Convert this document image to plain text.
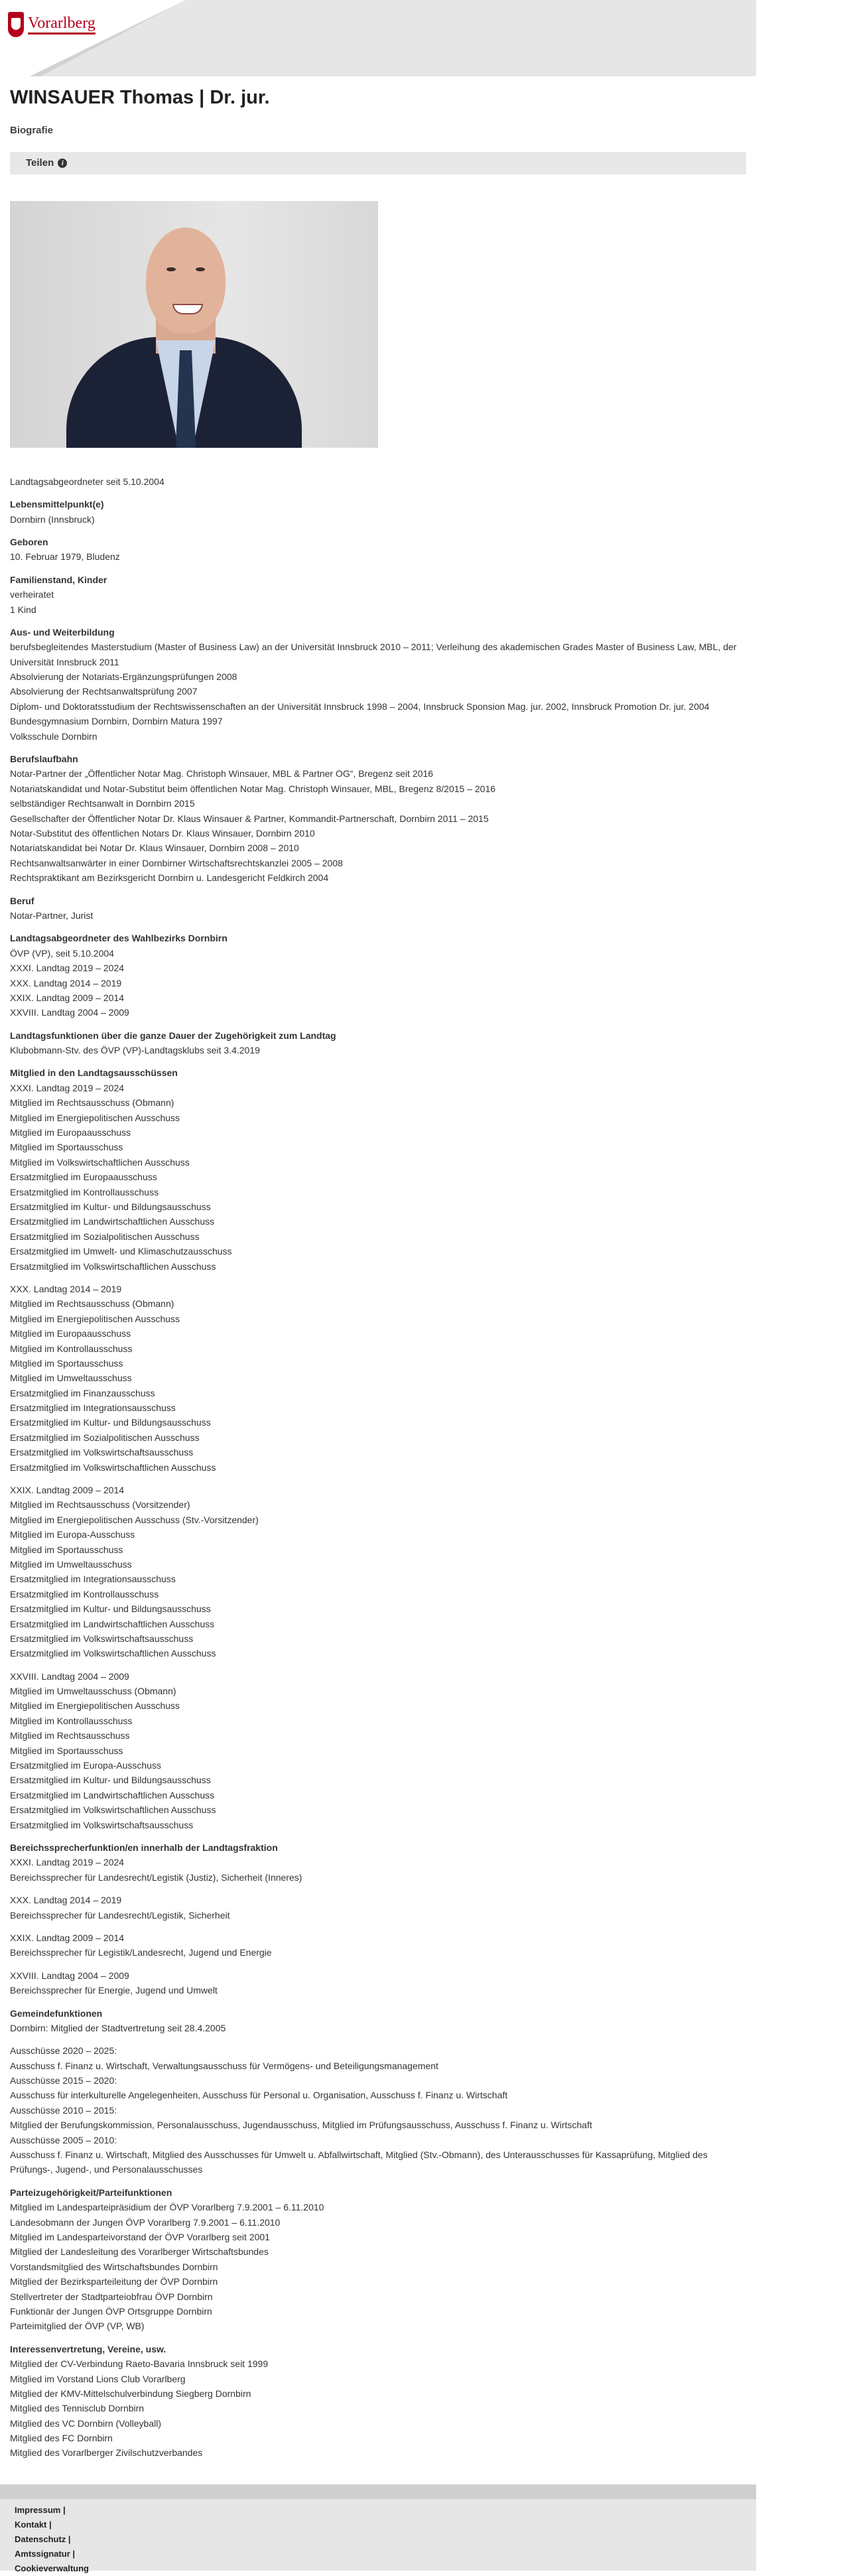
Vorarlberg
WINSAUER Thomas | Dr. jur.
Biografie
Teilen	i

Landtagsabgeordneter seit 5.10.2004

Lebensmittelpunkt(e)

Dornbirn (Innsbruck)

Geboren

10. Februar 1979, Bludenz

Familienstand, Kinder

verheiratet

1 Kind

Aus- und Weiterbildung

berufsbegleitendes Masterstudium (Master of Business Law) an der Universität Innsbruck 2010 – 2011; Verleihung des akademischen Grades Master of Business Law, MBL, der Universität Innsbruck 2011

Absolvierung der Notariats-Ergänzungsprüfungen 2008

Absolvierung der Rechtsanwaltsprüfung 2007

Diplom- und Doktoratsstudium der Rechtswissenschaften an der Universität Innsbruck 1998 – 2004, Innsbruck Sponsion Mag. jur. 2002, Innsbruck Promotion Dr. jur. 2004

Bundesgymnasium Dornbirn, Dornbirn Matura 1997

Volksschule Dornbirn

Berufslaufbahn

Notar-Partner der „Öffentlicher Notar Mag. Christoph Winsauer, MBL & Partner OG“, Bregenz seit 2016

Notariatskandidat und Notar-Substitut beim öffentlichen Notar Mag. Christoph Winsauer, MBL, Bregenz 8/2015 – 2016

selbständiger Rechtsanwalt in Dornbirn 2015

Gesellschafter der Öffentlicher Notar Dr. Klaus Winsauer & Partner, Kommandit-Partnerschaft, Dornbirn 2011 – 2015

Notar-Substitut des öffentlichen Notars Dr. Klaus Winsauer, Dornbirn 2010

Notariatskandidat bei Notar Dr. Klaus Winsauer, Dornbirn 2008 – 2010

Rechtsanwaltsanwärter in einer Dornbirner Wirtschaftsrechtskanzlei 2005 – 2008

Rechtspraktikant am Bezirksgericht Dornbirn u. Landesgericht Feldkirch 2004

Beruf

Notar-Partner, Jurist

Landtagsabgeordneter des Wahlbezirks Dornbirn

ÖVP (VP), seit 5.10.2004

XXXI. Landtag 2019 – 2024

XXX. Landtag 2014 – 2019

XXIX. Landtag 2009 – 2014

XXVIII. Landtag 2004 – 2009

Landtagsfunktionen über die ganze Dauer der Zugehörigkeit zum Landtag

Klubobmann-Stv. des ÖVP (VP)-Landtagsklubs seit 3.4.2019

Mitglied in den Landtagsausschüssen

XXXI. Landtag 2019 – 2024

Mitglied im Rechtsausschuss (Obmann)

Mitglied im Energiepolitischen Ausschuss

Mitglied im Europaausschuss

Mitglied im Sportausschuss

Mitglied im Volkswirtschaftlichen Ausschuss

Ersatzmitglied im Europaausschuss

Ersatzmitglied im Kontrollausschuss

Ersatzmitglied im Kultur- und Bildungsausschuss

Ersatzmitglied im Landwirtschaftlichen Ausschuss

Ersatzmitglied im Sozialpolitischen Ausschuss

Ersatzmitglied im Umwelt- und Klimaschutzausschuss

Ersatzmitglied im Volkswirtschaftlichen Ausschuss

XXX. Landtag 2014 – 2019

Mitglied im Rechtsausschuss (Obmann)

Mitglied im Energiepolitischen Ausschuss

Mitglied im Europaausschuss

Mitglied im Kontrollausschuss

Mitglied im Sportausschuss

Mitglied im Umweltausschuss

Ersatzmitglied im Finanzausschuss

Ersatzmitglied im Integrationsausschuss

Ersatzmitglied im Kultur- und Bildungsausschuss

Ersatzmitglied im Sozialpolitischen Ausschuss

Ersatzmitglied im Volkswirtschaftsausschuss

Ersatzmitglied im Volkswirtschaftlichen Ausschuss

XXIX. Landtag 2009 – 2014

Mitglied im Rechtsausschuss (Vorsitzender)

Mitglied im Energiepolitischen Ausschuss (Stv.-Vorsitzender)

Mitglied im Europa-Ausschuss

Mitglied im Sportausschuss

Mitglied im Umweltausschuss

Ersatzmitglied im Integrationsausschuss

Ersatzmitglied im Kontrollausschuss

Ersatzmitglied im Kultur- und Bildungsausschuss

Ersatzmitglied im Landwirtschaftlichen Ausschuss

Ersatzmitglied im Volkswirtschaftsausschuss

Ersatzmitglied im Volkswirtschaftlichen Ausschuss

XXVIII. Landtag 2004 – 2009

Mitglied im Umweltausschuss (Obmann)

Mitglied im Energiepolitischen Ausschuss

Mitglied im Kontrollausschuss

Mitglied im Rechtsausschuss

Mitglied im Sportausschuss

Ersatzmitglied im Europa-Ausschuss

Ersatzmitglied im Kultur- und Bildungsausschuss

Ersatzmitglied im Landwirtschaftlichen Ausschuss

Ersatzmitglied im Volkswirtschaftlichen Ausschuss

Ersatzmitglied im Volkswirtschaftsausschuss

Bereichssprecherfunktion/en innerhalb der Landtagsfraktion

XXXI. Landtag 2019 – 2024

Bereichssprecher für Landesrecht/Legistik (Justiz), Sicherheit (Inneres)

XXX. Landtag 2014 – 2019

Bereichssprecher für Landesrecht/Legistik, Sicherheit

XXIX. Landtag 2009 – 2014

Bereichssprecher für Legistik/Landesrecht, Jugend und Energie

XXVIII. Landtag 2004 – 2009

Bereichssprecher für Energie, Jugend und Umwelt

Gemeindefunktionen

Dornbirn: Mitglied der Stadtvertretung seit 28.4.2005

Ausschüsse 2020 – 2025:

Ausschuss f. Finanz u. Wirtschaft, Verwaltungsausschuss für Vermögens- und Beteiligungsmanagement

Ausschüsse 2015 – 2020:

Ausschuss für interkulturelle Angelegenheiten, Ausschuss für Personal u. Organisation, Ausschuss f. Finanz u. Wirtschaft

Ausschüsse 2010 – 2015:

Mitglied der Berufungskommission, Personalausschuss, Jugendausschuss, Mitglied im Prüfungsausschuss, Ausschuss f. Finanz u. Wirtschaft

Ausschüsse 2005 – 2010:

Ausschuss f. Finanz u. Wirtschaft, Mitglied des Ausschusses für Umwelt u. Abfallwirtschaft, Mitglied (Stv.-Obmann), des Unterausschusses für Kassaprüfung, Mitglied des Prüfungs-, Jugend-, und Personalausschusses

Parteizugehörigkeit/Parteifunktionen

Mitglied im Landesparteipräsidium der ÖVP Vorarlberg 7.9.2001 – 6.11.2010

Landesobmann der Jungen ÖVP Vorarlberg 7.9.2001 – 6.11.2010

Mitglied im Landesparteivorstand der ÖVP Vorarlberg seit 2001

Mitglied der Landesleitung des Vorarlberger Wirtschaftsbundes

Vorstandsmitglied des Wirtschaftsbundes Dornbirn

Mitglied der Bezirksparteileitung der ÖVP Dornbirn

Stellvertreter der Stadtparteiobfrau ÖVP Dornbirn

Funktionär der Jungen ÖVP Ortsgruppe Dornbirn

Parteimitglied der ÖVP (VP, WB)

Interessenvertretung, Vereine, usw.

Mitglied der CV-Verbindung Raeto-Bavaria Innsbruck seit 1999

Mitglied im Vorstand Lions Club Vorarlberg

Mitglied der KMV-Mittelschulverbindung Siegberg Dornbirn

Mitglied des Tennisclub Dornbirn

Mitglied des VC Dornbirn (Volleyball)

Mitglied des FC Dornbirn

Mitglied des Vorarlberger Zivilschutzverbandes

Impressum |
Kontakt |
Datenschutz |
Amtssignatur |
Cookieverwaltung
